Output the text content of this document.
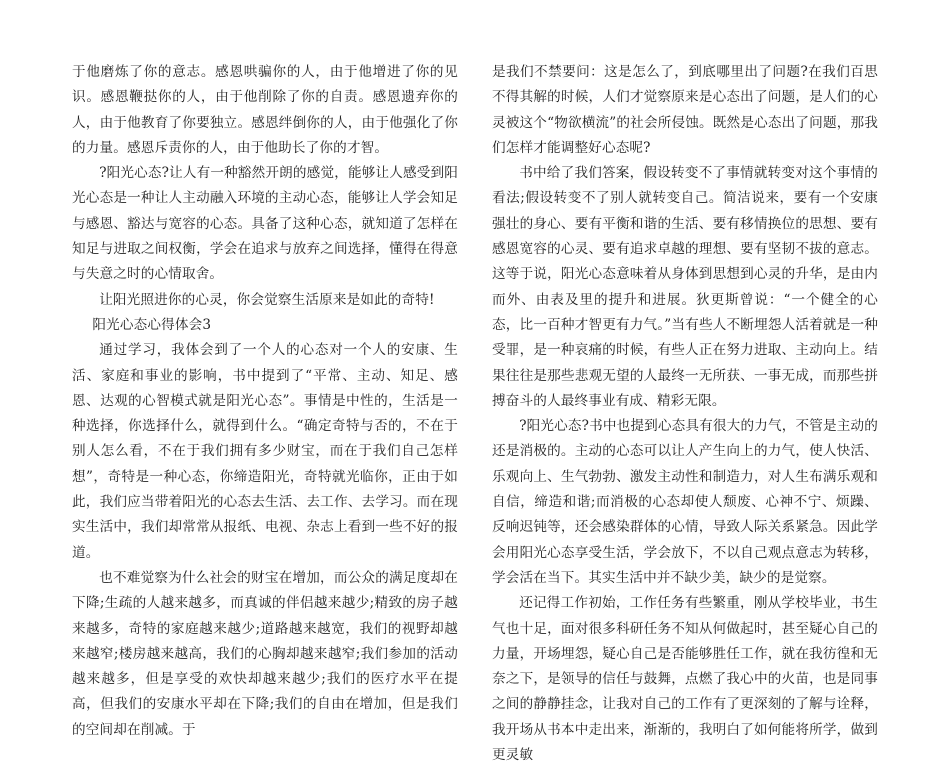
于他磨炼了你的意志。感恩哄骗你的人，由于他增进了你的见识。感恩鞭挞你的人，由于他削除了你的自责。感恩遗弃你的人，由于他教育了你要独立。感恩绊倒你的人，由于他强化了你的力量。感恩斥责你的人，由于他助长了你的才智。

?阳光心态?让人有一种豁然开朗的感觉，能够让人感受到阳光心态是一种让人主动融入环境的主动心态，能够让人学会知足与感恩、豁达与宽容的心态。具备了这种心态，就知道了怎样在知足与进取之间权衡，学会在追求与放弃之间选择，懂得在得意与失意之时的心情取舍。

让阳光照进你的心灵，你会觉察生活原来是如此的奇特!

阳光心态心得体会3

通过学习，我体会到了一个人的心态对一个人的安康、生活、家庭和事业的影响，书中提到了“平常、主动、知足、感恩、达观的心智模式就是阳光心态”。事情是中性的，生活是一种选择，你选择什么，就得到什么。“确定奇特与否的，不在于别人怎么看，不在于我们拥有多少财宝，而在于我们自己怎样想”，奇特是一种心态，你缔造阳光，奇特就光临你，正由于如此，我们应当带着阳光的心态去生活、去工作、去学习。而在现实生活中，我们却常常从报纸、电视、杂志上看到一些不好的报道。

也不难觉察为什么社会的财宝在增加，而公众的满足度却在下降;生疏的人越来越多，而真诚的伴侣越来越少;精致的房子越来越多，奇特的家庭越来越少;道路越来越宽，我们的视野却越来越窄;楼房越来越高，我们的心胸却越来越窄;我们参加的活动越来越多，但是享受的欢快却越来越少;我们的医疗水平在提高，但我们的安康水平却在下降;我们的自由在增加，但是我们的空间却在削减。于

是我们不禁要问：这是怎么了，到底哪里出了问题?在我们百思不得其解的时候，人们才觉察原来是心态出了问题，是人们的心灵被这个“物欲横流”的社会所侵蚀。既然是心态出了问题，那我们怎样才能调整好心态呢?

书中给了我们答案，假设转变不了事情就转变对这个事情的看法;假设转变不了别人就转变自己。简洁说来，要有一个安康强壮的身心、要有平衡和谐的生活、要有移情换位的思想、要有感恩宽容的心灵、要有追求卓越的理想、要有坚韧不拔的意志。这等于说，阳光心态意味着从身体到思想到心灵的升华，是由内而外、由表及里的提升和进展。狄更斯曾说：“一个健全的心态，比一百种才智更有力气。”当有些人不断埋怨人活着就是一种受罪，是一种哀痛的时候，有些人正在努力进取、主动向上。结果往往是那些悲观无望的人最终一无所获、一事无成，而那些拼搏奋斗的人最终事业有成、精彩无限。

?阳光心态?书中也提到心态具有很大的力气，不管是主动的还是消极的。主动的心态可以让人产生向上的力气，使人快活、乐观向上、生气勃勃、激发主动性和制造力，对人生布满乐观和自信，缔造和谐;而消极的心态却使人颓废、心神不宁、烦躁、反响迟钝等，还会感染群体的心情，导致人际关系紧急。因此学会用阳光心态享受生活，学会放下，不以自己观点意志为转移，学会活在当下。其实生活中并不缺少美，缺少的是觉察。

还记得工作初始，工作任务有些繁重，刚从学校毕业，书生气也十足，面对很多科研任务不知从何做起时，甚至疑心自己的力量，开场埋怨，疑心自己是否能够胜任工作，就在我彷徨和无奈之下，是领导的信任与鼓舞，点燃了我心中的火苗，也是同事之间的静静挂念，让我对自己的工作有了更深刻的了解与诠释，我开场从书本中走出来，渐渐的，我明白了如何能将所学，做到更灵敏
